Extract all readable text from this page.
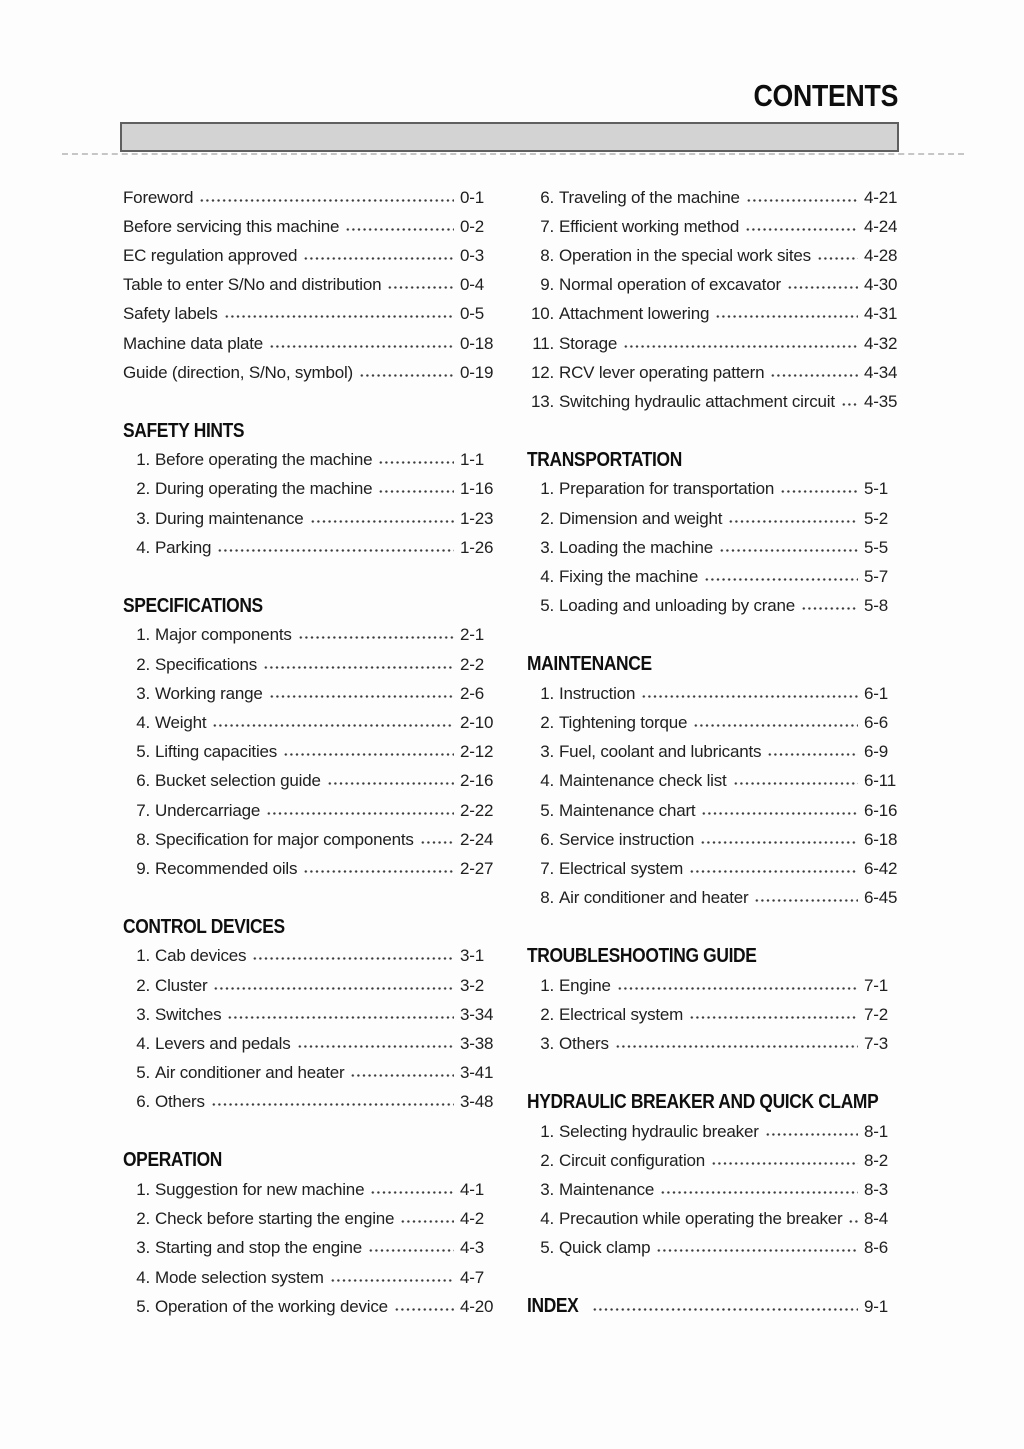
CONTENTS
Foreword	0-1
Before servicing this machine	0-2
EC regulation approved	0-3
Table to enter S/No and distribution	0-4
Safety labels	0-5
Machine data plate	0-18
Guide (direction, S/No, symbol)	0-19
SAFETY HINTS
1. Before operating the machine	1-1
2. During operating the machine	1-16
3. During maintenance	1-23
4. Parking	1-26
SPECIFICATIONS
1. Major components	2-1
2. Specifications	2-2
3. Working range	2-6
4. Weight	2-10
5. Lifting capacities	2-12
6. Bucket selection guide	2-16
7. Undercarriage	2-22
8. Specification for major components	2-24
9. Recommended oils	2-27
CONTROL DEVICES
1. Cab devices	3-1
2. Cluster	3-2
3. Switches	3-34
4. Levers and pedals	3-38
5. Air conditioner and heater	3-41
6. Others	3-48
OPERATION
1. Suggestion for new machine	4-1
2. Check before starting the engine	4-2
3. Starting and stop the engine	4-3
4. Mode selection system	4-7
5. Operation of the working device	4-20
6. Traveling of the machine	4-21
7. Efficient working method	4-24
8. Operation in the special work sites	4-28
9. Normal operation of excavator	4-30
10. Attachment lowering	4-31
11. Storage	4-32
12. RCV lever operating pattern	4-34
13. Switching hydraulic attachment circuit 4-35
TRANSPORTATION
1. Preparation for transportation	5-1
2. Dimension and weight	5-2
3. Loading the machine	5-5
4. Fixing the machine	5-7
5. Loading and unloading by crane	5-8
MAINTENANCE
1. Instruction	6-1
2. Tightening torque	6-6
3. Fuel, coolant and lubricants	6-9
4. Maintenance check list	6-11
5. Maintenance chart	6-16
6. Service instruction	6-18
7. Electrical system	6-42
8. Air conditioner and heater	6-45
TROUBLESHOOTING GUIDE
1. Engine	7-1
2. Electrical system	7-2
3. Others	7-3
HYDRAULIC BREAKER AND QUICK CLAMP
1. Selecting hydraulic breaker	8-1
2. Circuit configuration	8-2
3. Maintenance	8-3
4. Precaution while operating the breaker 8-4
5. Quick clamp	8-6
INDEX	9-1
